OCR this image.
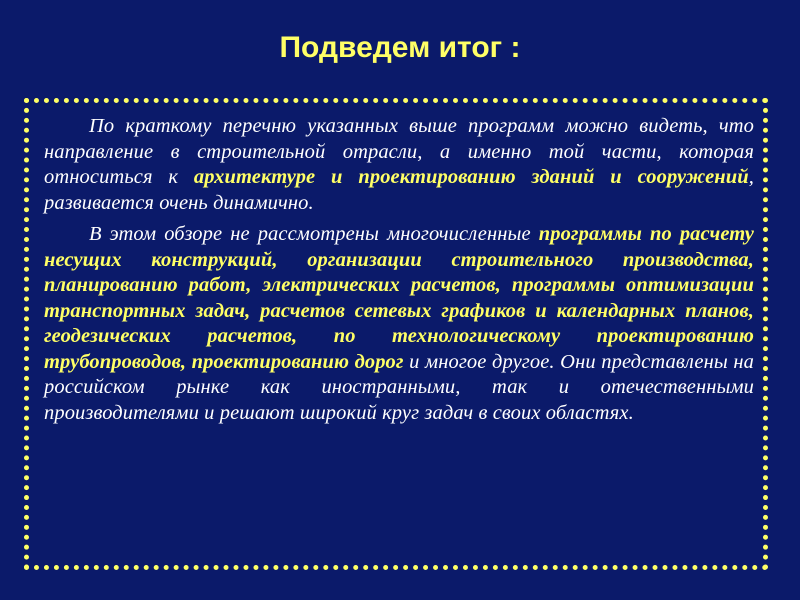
Подведем итог :

По краткому перечню указанных выше программ можно видеть, что направление в строительной отрасли, а именно той части, которая относиться к архитектуре и проектированию зданий и сооружений, развивается очень динамично.

В этом обзоре не рассмотрены многочисленные программы по расчету несущих конструкций, организации строительного производства, планированию работ, электрических расчетов, программы оптимизации транспортных задач, расчетов сетевых графиков и календарных планов, геодезических расчетов, по технологическому проектированию трубопроводов, проектированию дорог и многое другое. Они представлены на российском рынке как иностранными, так и отечественными производителями и решают широкий круг задач в своих областях.
